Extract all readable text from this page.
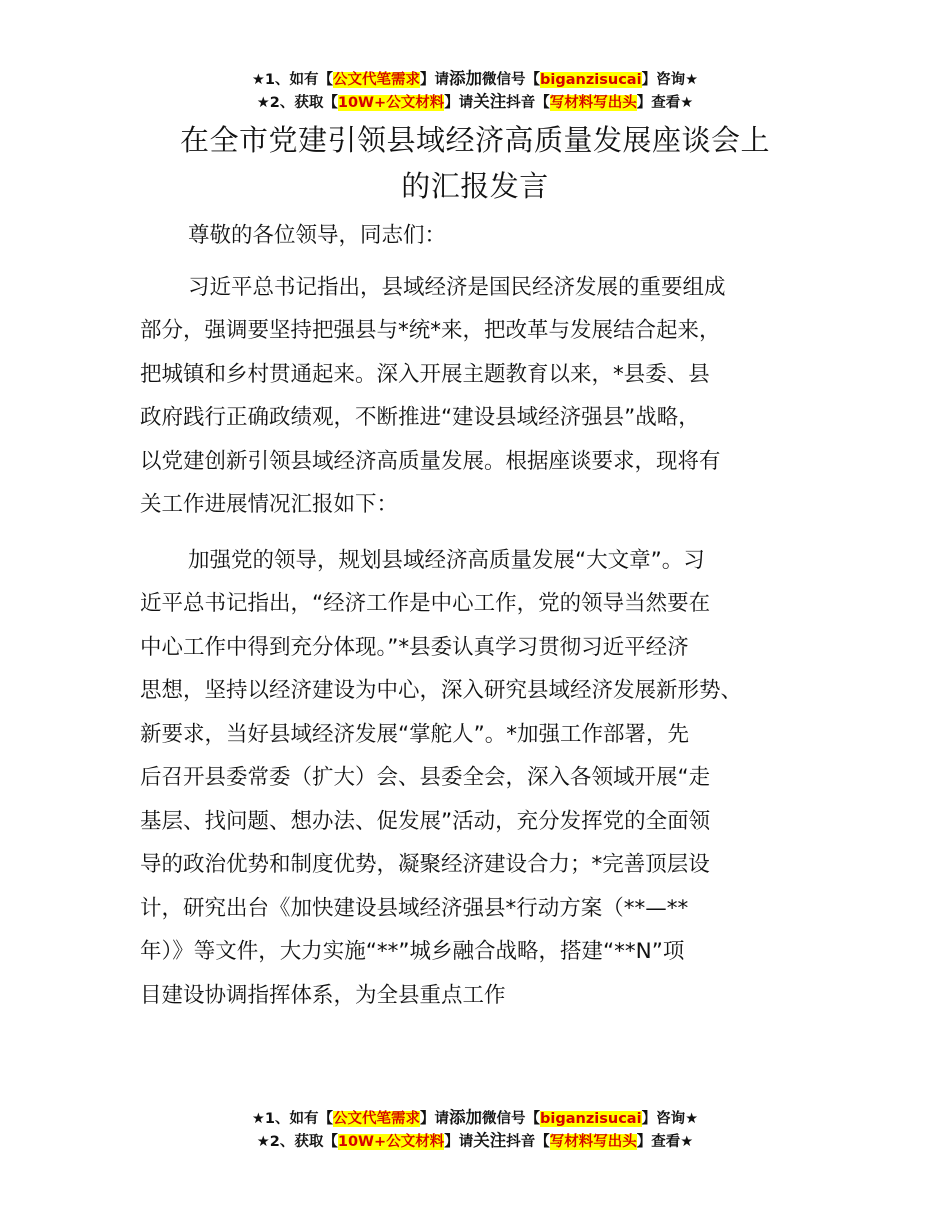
★1、如有【公文代笔需求】请添加微信号【biganzisucai】咨询★
★2、获取【10W+公文材料】请关注抖音【写材料写出头】查看★
在全市党建引领县域经济高质量发展座谈会上
的汇报发言

尊敬的各位领导，同志们：

习近平总书记指出，县域经济是国民经济发展的重要组成
部分，强调要坚持把强县与*统*来，把改革与发展结合起来，
把城镇和乡村贯通起来。深入开展主题教育以来，*县委、县
政府践行正确政绩观，不断推进“建设县域经济强县”战略，
以党建创新引领县域经济高质量发展。根据座谈要求，现将有
关工作进展情况汇报如下：
加强党的领导，规划县域经济高质量发展“大文章”。习
近平总书记指出，“经济工作是中心工作，党的领导当然要在
中心工作中得到充分体现。”*县委认真学习贯彻习近平经济
思想，坚持以经济建设为中心，深入研究县域经济发展新形势、
新要求，当好县域经济发展“掌舵人”。*加强工作部署，先
后召开县委常委（扩大）会、县委全会，深入各领域开展“走
基层、找问题、想办法、促发展”活动，充分发挥党的全面领
导的政治优势和制度优势，凝聚经济建设合力；*完善顶层设
计，研究出台《加快建设县域经济强县*行动方案（**—**
年）》等文件，大力实施“**”城乡融合战略，搭建“**N”项
目建设协调指挥体系，为全县重点工作
★1、如有【公文代笔需求】请添加微信号【biganzisucai】咨询★
★2、获取【10W+公文材料】请关注抖音【写材料写出头】查看★
